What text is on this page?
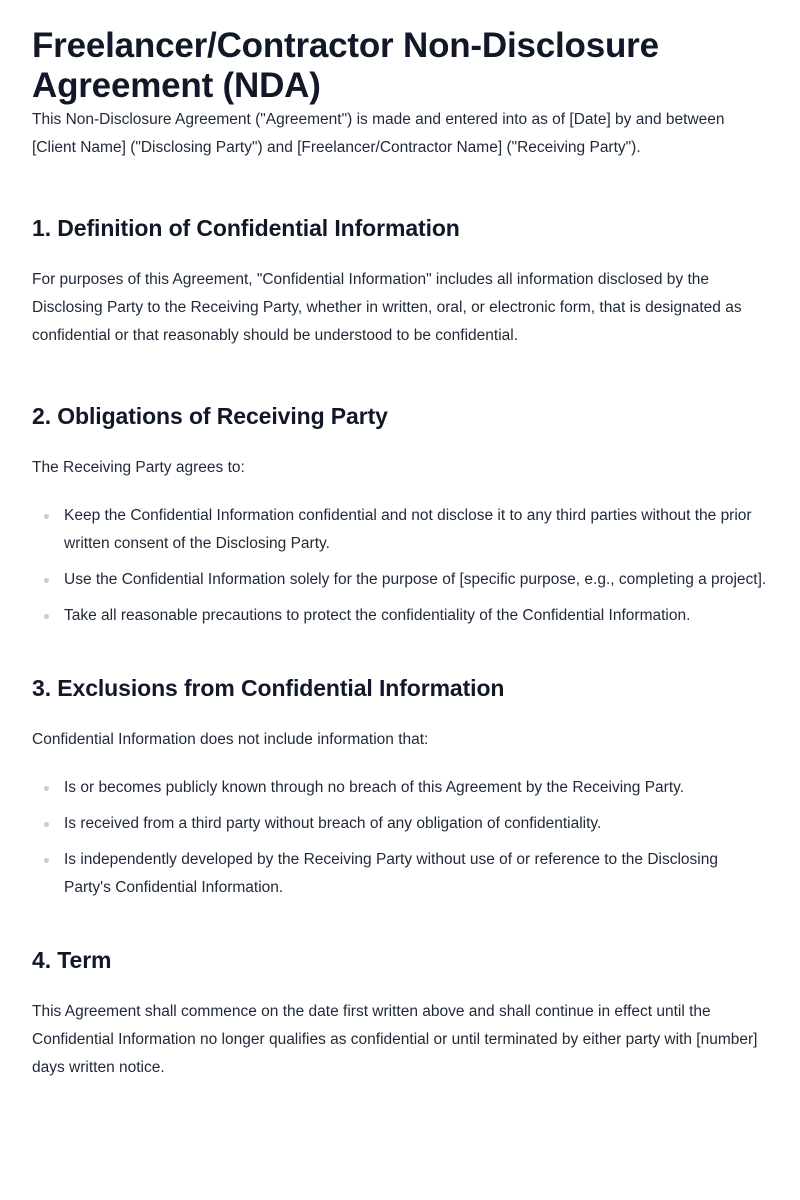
Freelancer/Contractor Non-Disclosure Agreement (NDA)

This Non-Disclosure Agreement ("Agreement") is made and entered into as of [Date] by and between [Client Name] ("Disclosing Party") and [Freelancer/Contractor Name] ("Receiving Party").

1. Definition of Confidential Information

For purposes of this Agreement, "Confidential Information" includes all information disclosed by the Disclosing Party to the Receiving Party, whether in written, oral, or electronic form, that is designated as confidential or that reasonably should be understood to be confidential.

2. Obligations of Receiving Party

The Receiving Party agrees to:

Keep the Confidential Information confidential and not disclose it to any third parties without the prior written consent of the Disclosing Party.
Use the Confidential Information solely for the purpose of [specific purpose, e.g., completing a project].
Take all reasonable precautions to protect the confidentiality of the Confidential Information.
3. Exclusions from Confidential Information

Confidential Information does not include information that:

Is or becomes publicly known through no breach of this Agreement by the Receiving Party.
Is received from a third party without breach of any obligation of confidentiality.
Is independently developed by the Receiving Party without use of or reference to the Disclosing Party's Confidential Information.
4. Term

This Agreement shall commence on the date first written above and shall continue in effect until the Confidential Information no longer qualifies as confidential or until terminated by either party with [number] days written notice.
